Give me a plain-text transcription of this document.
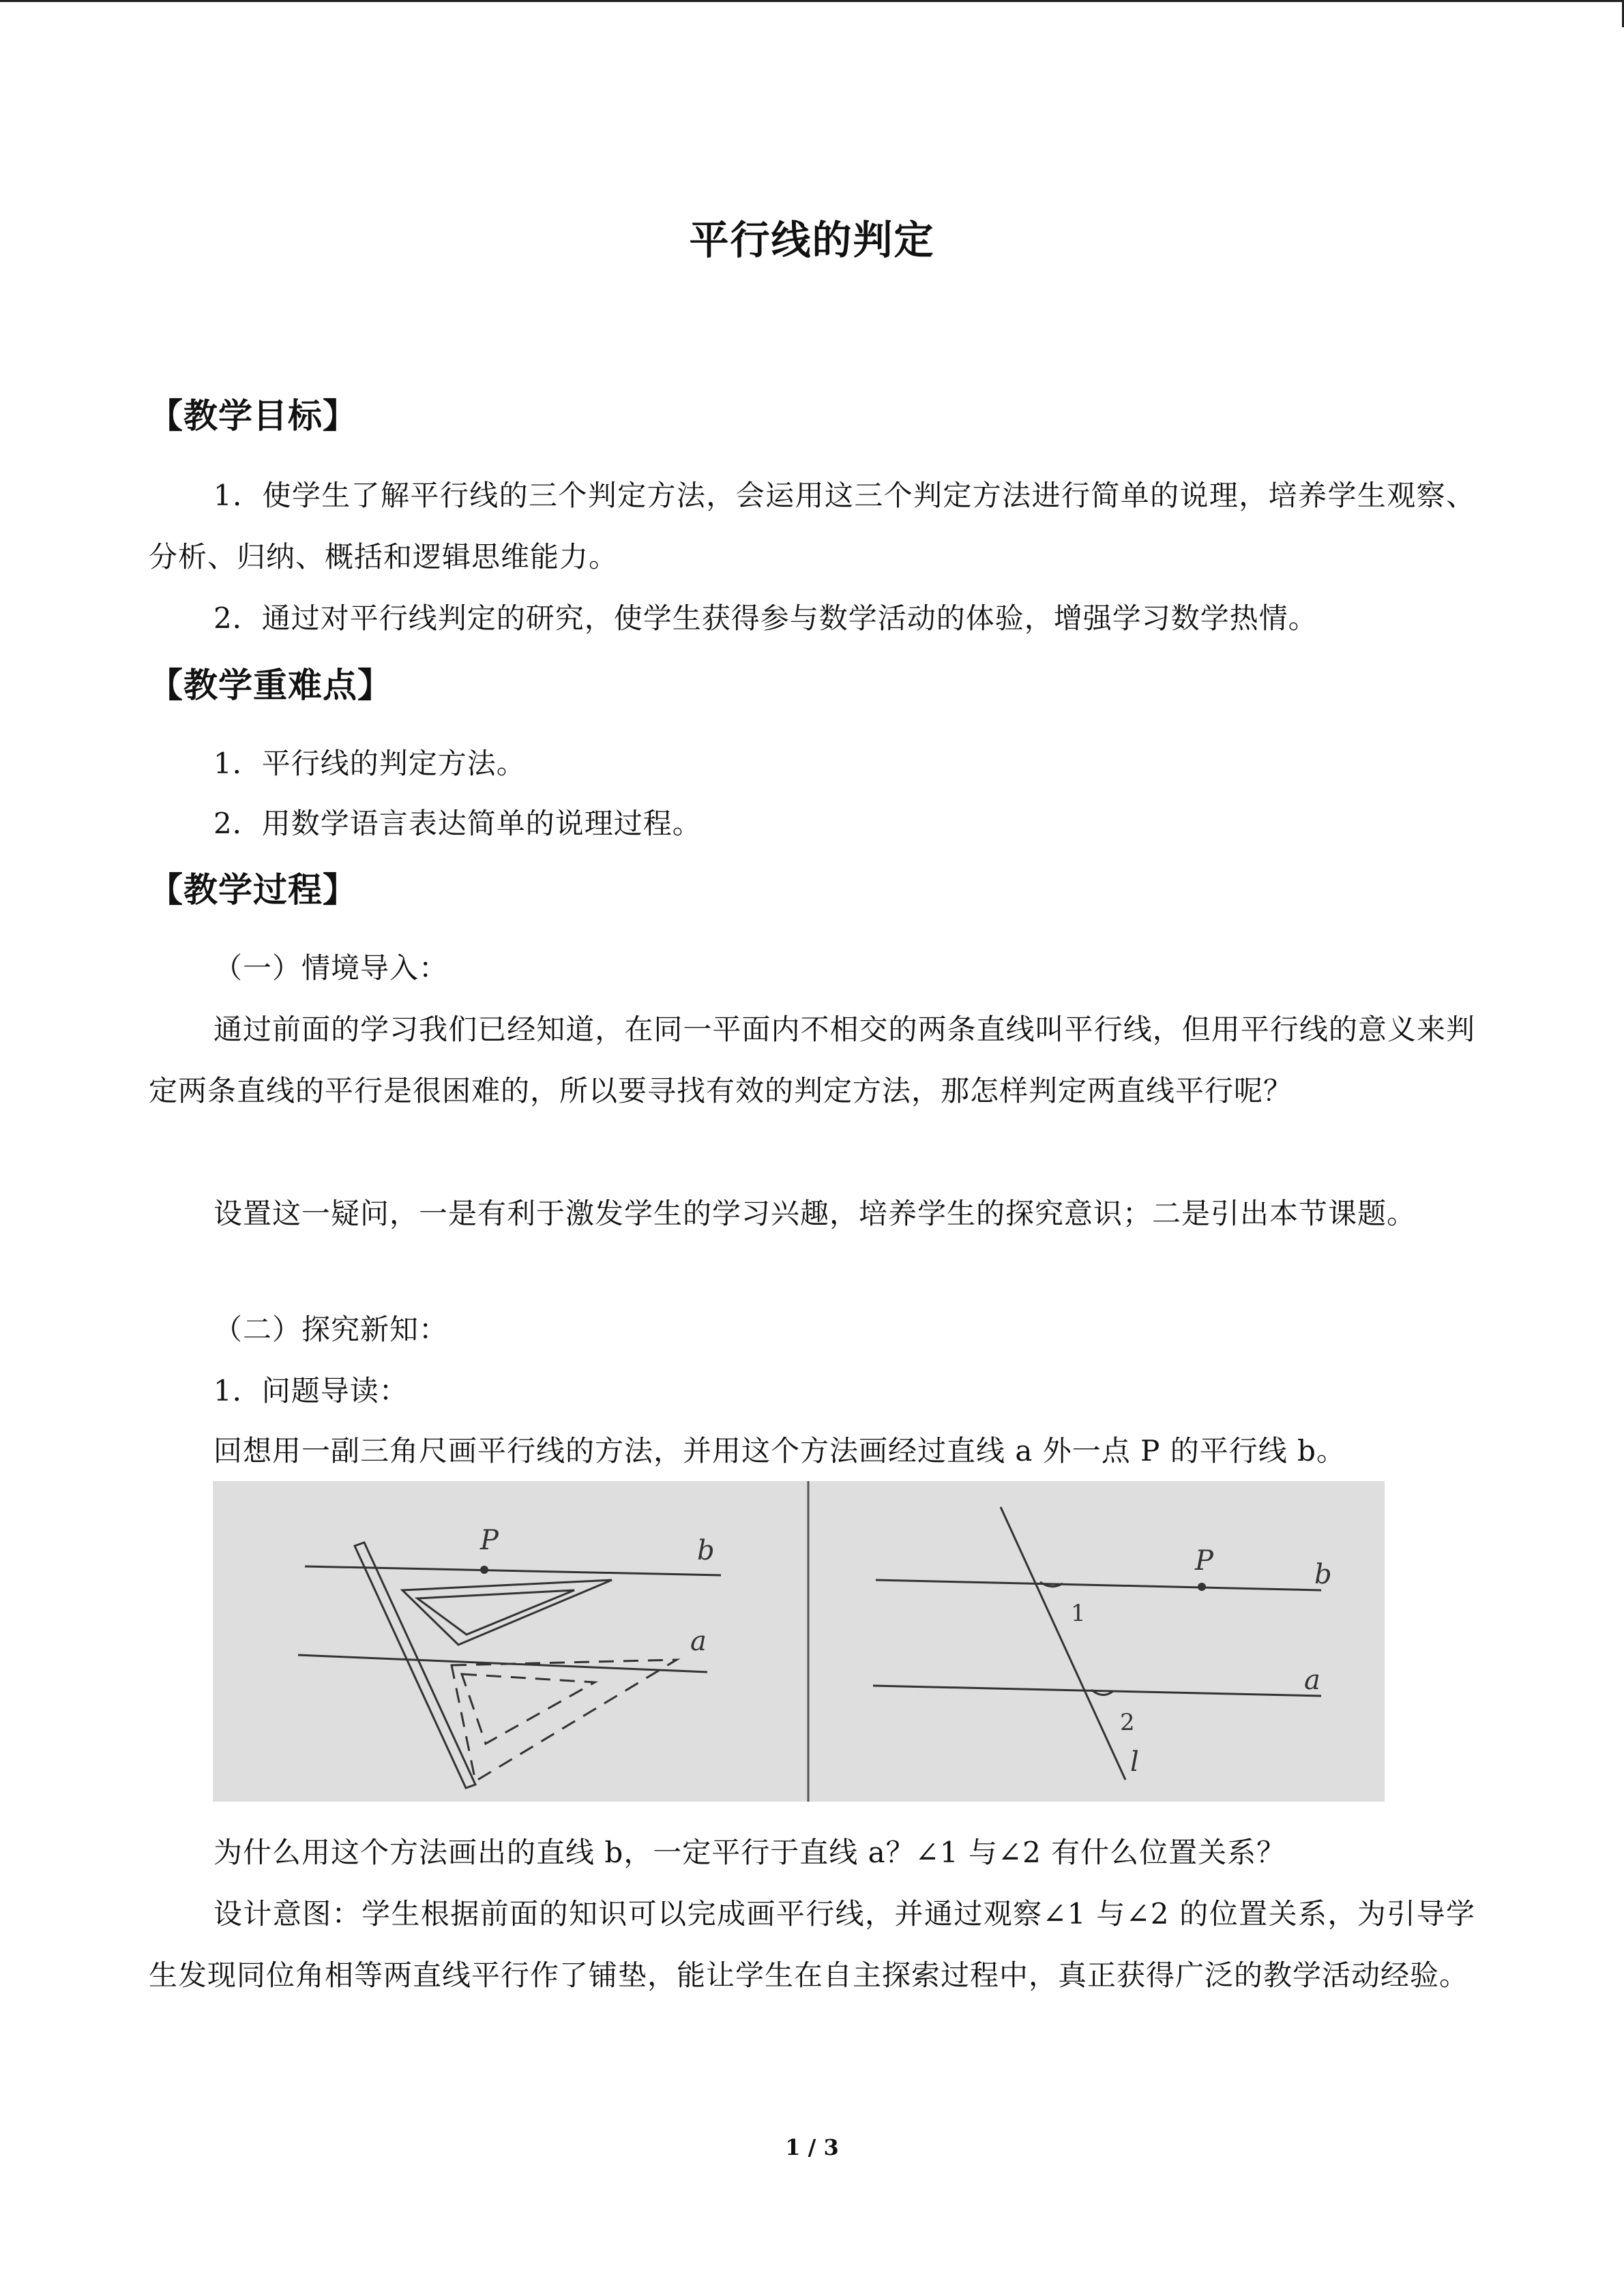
平行线的判定
【教学目标】
1．使学生了解平行线的三个判定方法，会运用这三个判定方法进行简单的说理，培养学生观察、分析、归纳、概括和逻辑思维能力。
2．通过对平行线判定的研究，使学生获得参与数学活动的体验，增强学习数学热情。
【教学重难点】
1．平行线的判定方法。
2．用数学语言表达简单的说理过程。
【教学过程】
（一）情境导入：
通过前面的学习我们已经知道，在同一平面内不相交的两条直线叫平行线，但用平行线的意义来判定两条直线的平行是很困难的，所以要寻找有效的判定方法，那怎样判定两直线平行呢？
设置这一疑问，一是有利于激发学生的学习兴趣，培养学生的探究意识；二是引出本节课题。
（二）探究新知：
1．问题导读：
回想用一副三角尺画平行线的方法，并用这个方法画经过直线 a 外一点 P 的平行线 b。
P	b
a
P	b
a
1
2
l
为什么用这个方法画出的直线 b，一定平行于直线 a？∠1 与∠2 有什么位置关系？
设计意图：学生根据前面的知识可以完成画平行线，并通过观察∠1 与∠2 的位置关系，为引导学生发现同位角相等两直线平行作了铺垫，能让学生在自主探索过程中，真正获得广泛的教学活动经验。
1 / 3
